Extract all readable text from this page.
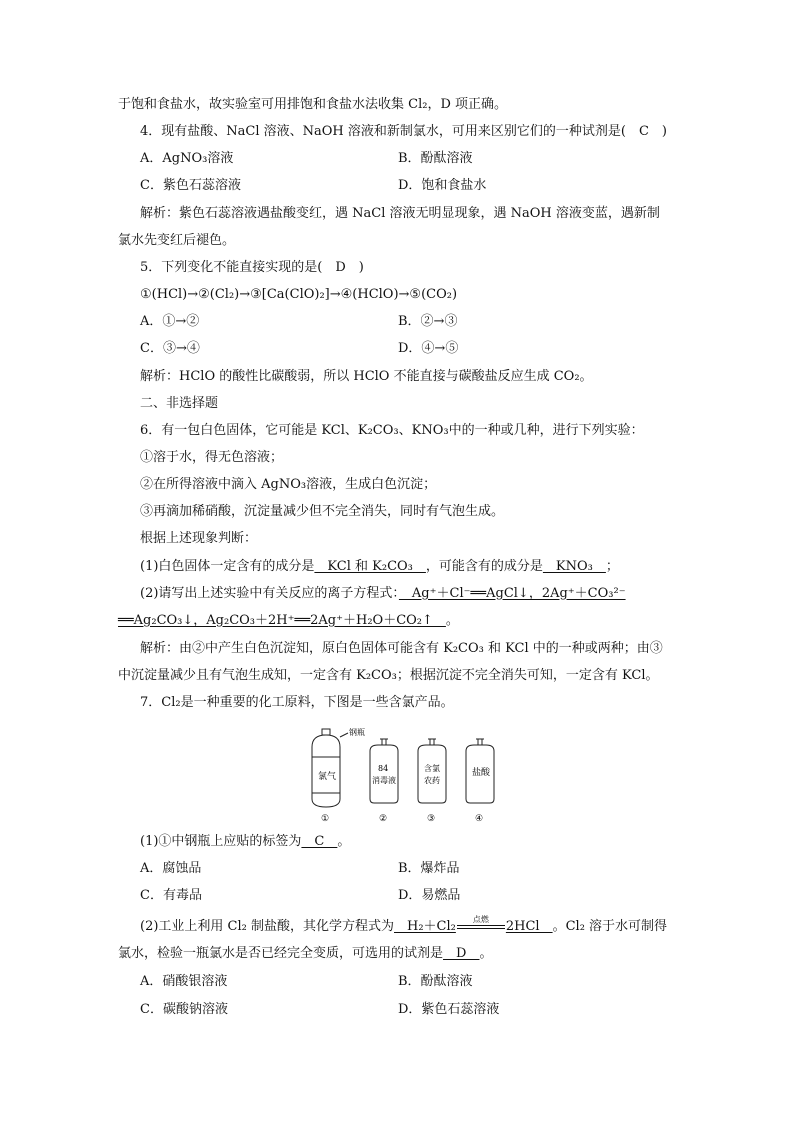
于饱和食盐水，故实验室可用排饱和食盐水法收集 Cl₂，D 项正确。
4．现有盐酸、NaCl 溶液、NaOH 溶液和新制氯水，可用来区别它们的一种试剂是(　C　)
A．AgNO₃溶液	B．酚酞溶液
C．紫色石蕊溶液	D．饱和食盐水
解析：紫色石蕊溶液遇盐酸变红，遇 NaCl 溶液无明显现象，遇 NaOH 溶液变蓝，遇新制
氯水先变红后褪色。
5．下列变化不能直接实现的是(　D　)
①(HCl)→②(Cl₂)→③[Ca(ClO)₂]→④(HClO)→⑤(CO₂)
A．①→②	B．②→③
C．③→④	D．④→⑤
解析：HClO 的酸性比碳酸弱，所以 HClO 不能直接与碳酸盐反应生成 CO₂。
二、非选择题
6．有一包白色固体，它可能是 KCl、K₂CO₃、KNO₃中的一种或几种，进行下列实验：
①溶于水，得无色溶液；
②在所得溶液中滴入 AgNO₃溶液，生成白色沉淀；
③再滴加稀硝酸，沉淀量减少但不完全消失，同时有气泡生成。
根据上述现象判断：
(1)白色固体一定含有的成分是　KCl 和 K₂CO₃　，可能含有的成分是　KNO₃　；
(2)请写出上述实验中有关反应的离子方程式：　Ag⁺＋Cl⁻══AgCl↓，2Ag⁺＋CO₃²⁻
══Ag₂CO₃↓，Ag₂CO₃＋2H⁺══2Ag⁺＋H₂O＋CO₂↑　。
解析：由②中产生白色沉淀知，原白色固体可能含有 K₂CO₃ 和 KCl 中的一种或两种；由③
中沉淀量减少且有气泡生成知，一定含有 K₂CO₃；根据沉淀不完全消失可知，一定含有 KCl。
7．Cl₂是一种重要的化工原料，下图是一些含氯产品。
钢瓶
氯气
84
消毒液
含氯
农药
盐酸
①	②	③	④
(1)①中钢瓶上应贴的标签为　C　。
A．腐蚀品	B．爆炸品
C．有毒品	D．易燃品
(2)工业上利用 Cl₂ 制盐酸，其化学方程式为　H₂＋Cl₂	点燃	2HCl　。Cl₂ 溶于水可制得
氯水，检验一瓶氯水是否已经完全变质，可选用的试剂是　D　。
A．硝酸银溶液	B．酚酞溶液
C．碳酸钠溶液	D．紫色石蕊溶液
